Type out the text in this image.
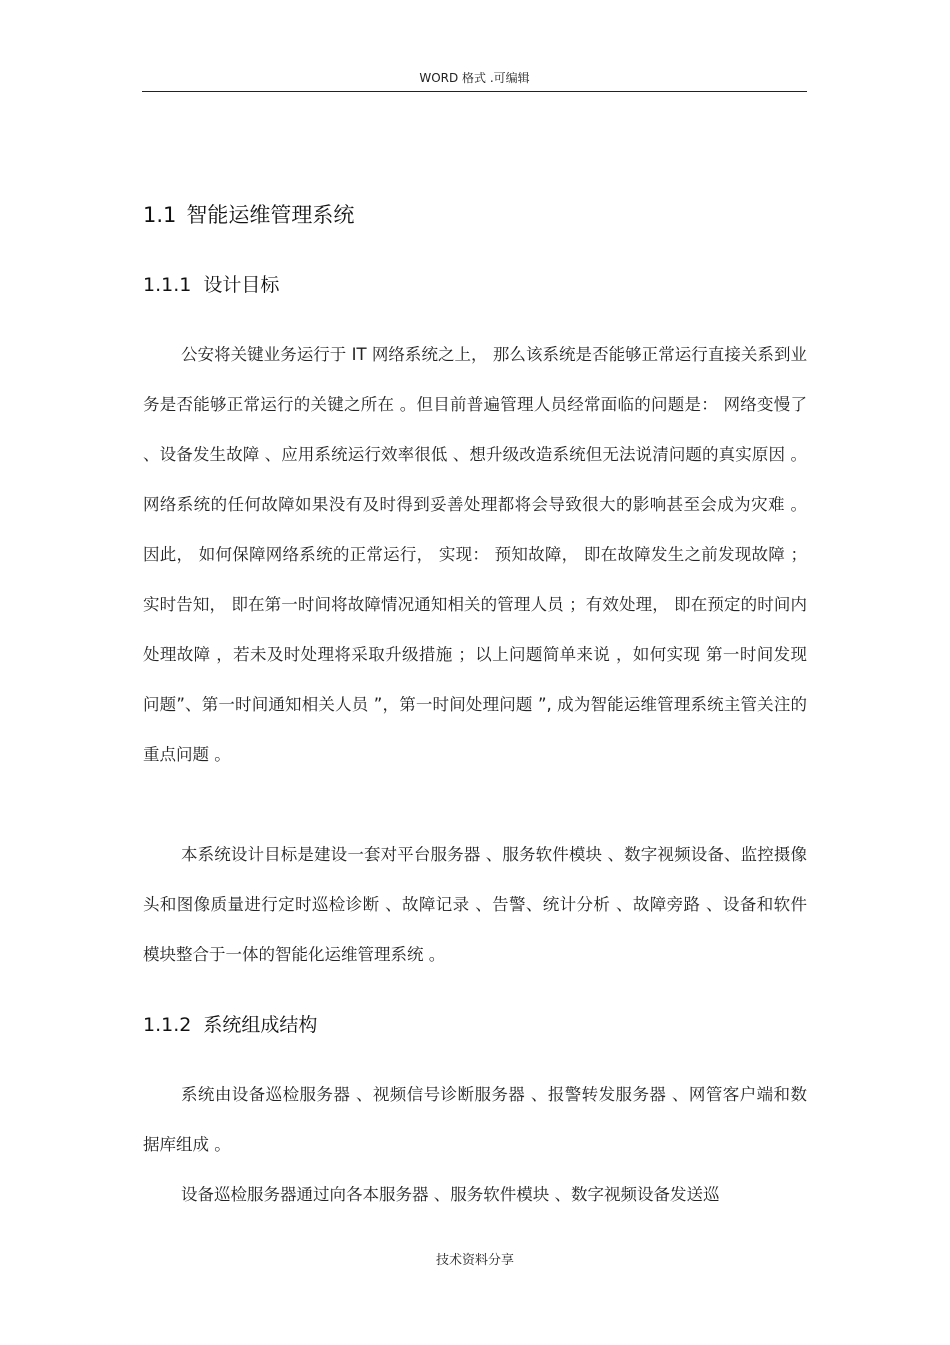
WORD 格式 .可编辑
1.1 智能运维管理系统
1.1.1 设计目标

公安将关键业务运行于 IT 网络系统之上， 那么该系统是否能够正常运行直接关系到业务是否能够正常运行的关键之所在 。但目前普遍管理人员经常面临的问题是： 网络变慢了 、设备发生故障 、应用系统运行效率很低 、想升级改造系统但无法说清问题的真实原因 。 网络系统的任何故障如果没有及时得到妥善处理都将会导致很大的影响甚至会成为灾难 。因此， 如何保障网络系统的正常运行， 实现： 预知故障， 即在故障发生之前发现故障 ；实时告知， 即在第一时间将故障情况通知相关的管理人员 ；有效处理， 即在预定的时间内处理故障 ，若未及时处理将采取升级措施 ；以上问题简单来说 ，如何实现 第一时间发现问题”、第一时间通知相关人员 ”，第一时间处理问题 ”, 成为智能运维管理系统主管关注的重点问题 。

本系统设计目标是建设一套对平台服务器 、服务软件模块 、数字视频设备、监控摄像头和图像质量进行定时巡检诊断 、故障记录 、告警、统计分析 、故障旁路 、设备和软件模块整合于一体的智能化运维管理系统 。

1.1.2 系统组成结构

系统由设备巡检服务器 、视频信号诊断服务器 、报警转发服务器 、网管客户端和数据库组成 。

设备巡检服务器通过向各本服务器 、服务软件模块 、数字视频设备发送巡

技术资料分享
